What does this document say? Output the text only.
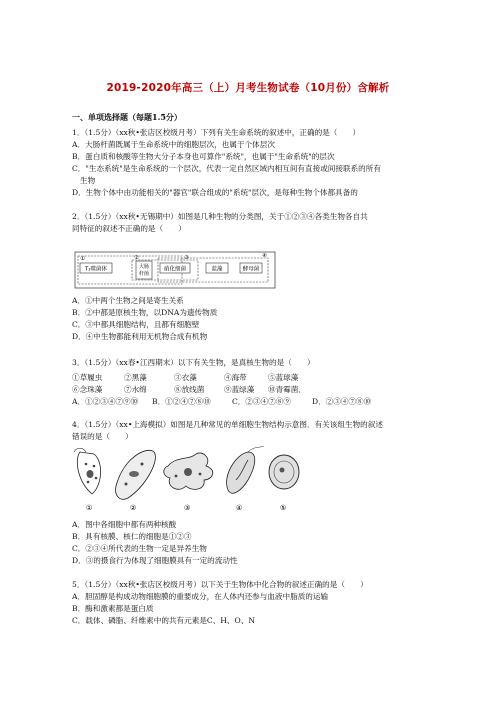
2019-2020年高三（上）月考生物试卷（10月份）含解析
一、单项选择题（每题1.5分）
1．（1.5分）（xx秋•张店区校级月考）下列有关生命系统的叙述中，正确的是（　　）
A．大肠杆菌既属于生命系统中的细胞层次，也属于个体层次
B．蛋白质和核酸等生物大分子本身也可算作"系统"，也属于"生命系统"的层次
C．"生态系统"是生命系统的一个层次，代表一定自然区域内相互间有直接或间接联系的所有
生物
D．生物个体中由功能相关的"器官"联合组成的"系统"层次，是每种生物个体都具备的
2．（1.5分）（xx秋•无锡期中）如图是几种生物的分类图，关于①②③④各类生物各自共
同特征的叙述不正确的是（　　）
T₂噬菌体	大肠
杆菌
硝化细菌	蓝藻	酵母菌
①	②	③	④
A．①中两个生物之间是寄生关系
B．②中都是原核生物，以DNA为遗传物质
C．③中都具细胞结构，且都有细胞壁
D．④中生物都能利用无机物合成有机物
3．（1.5分）（xx春•江西期末）以下有关生物，是真核生物的是（　　）
①草履虫	②黑藻	③衣藻	④海带	⑤蓝球藻
⑥念珠藻	⑦水绵	⑧放线菌	⑨蓝绿藻 ⑩青霉菌．
A．①②③④⑦⑨⑩ B．①②④⑦⑧⑩	C．②③④⑦⑧⑨	D．②③④⑦⑧⑩
4．（1.5分）（xx•上海模拟）如图是几种常见的单细胞生物结构示意图．有关该组生物的叙述
错误的是（　　）
①	②	③	④	⑤
A．图中各细胞中都有两种核酸
B．具有核膜、核仁的细胞是①②③
C．②③④所代表的生物一定是异养生物
D．③的摄食行为体现了细胞膜具有一定的流动性
5．（1.5分）（xx秋•张店区校级月考）以下关于生物体中化合物的叙述正确的是（　　）
A．胆固醇是构成动物细胞膜的重要成分，在人体内还参与血液中脂质的运输
B．酶和激素都是蛋白质
C．载体、磷脂、纤维素中的共有元素是C、H、O、N
